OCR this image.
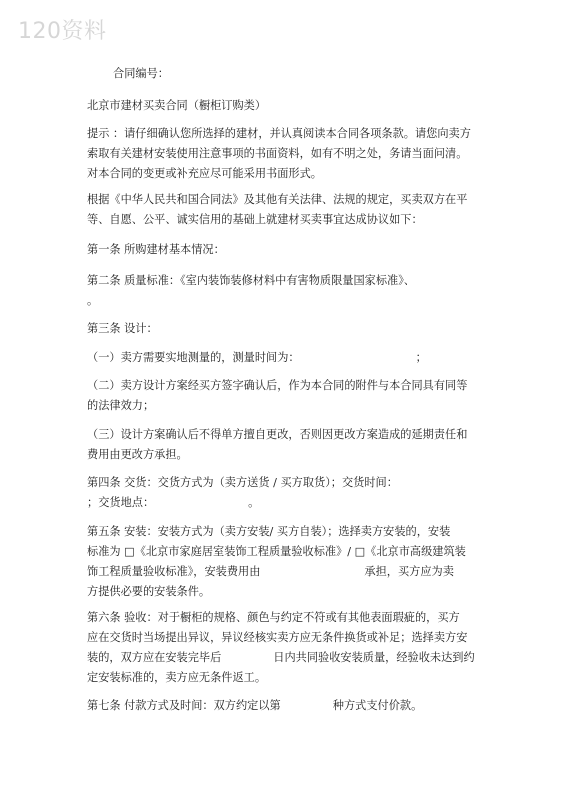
120资料
合同编号：
北京市建材买卖合同（橱柜订购类）
提示 ：请仔细确认您所选择的建材，并认真阅读本合同各项条款。请您向卖方
索取有关建材安装使用注意事项的书面资料，如有不明之处，务请当面问清。
对本合同的变更或补充应尽可能采用书面形式。
根据《中华人民共和国合同法》及其他有关法律、法规的规定，买卖双方在平
等、自愿、公平、诚实信用的基础上就建材买卖事宜达成协议如下：
第一条 所购建材基本情况：
第二条 质量标准：《室内装饰装修材料中有害物质限量国家标准》、
。
第三条 设计：
（一）卖方需要实地测量的，测量时间为：	；
（二）卖方设计方案经买方签字确认后，作为本合同的附件与本合同具有同等
的法律效力；
（三）设计方案确认后不得单方擅自更改，否则因更改方案造成的延期责任和
费用由更改方承担。
第四条 交货：交货方式为（卖方送货 / 买方取货）；交货时间：
；交货地点：	。
第五条 安装：安装方式为（卖方安装/ 买方自装）；选择卖方安装的，安装
标准为 □《北京市家庭居室装饰工程质量验收标准》/ □《北京市高级建筑装
饰工程质量验收标准》，安装费用由	承担，买方应为卖
方提供必要的安装条件。
第六条 验收：对于橱柜的规格、颜色与约定不符或有其他表面瑕疵的，买方
应在交货时当场提出异议，异议经核实卖方应无条件换货或补足；选择卖方安
装的，双方应在安装完毕后	日内共同验收安装质量，经验收未达到约
定安装标准的，卖方应无条件返工。
第七条 付款方式及时间：双方约定以第	种方式支付价款。
